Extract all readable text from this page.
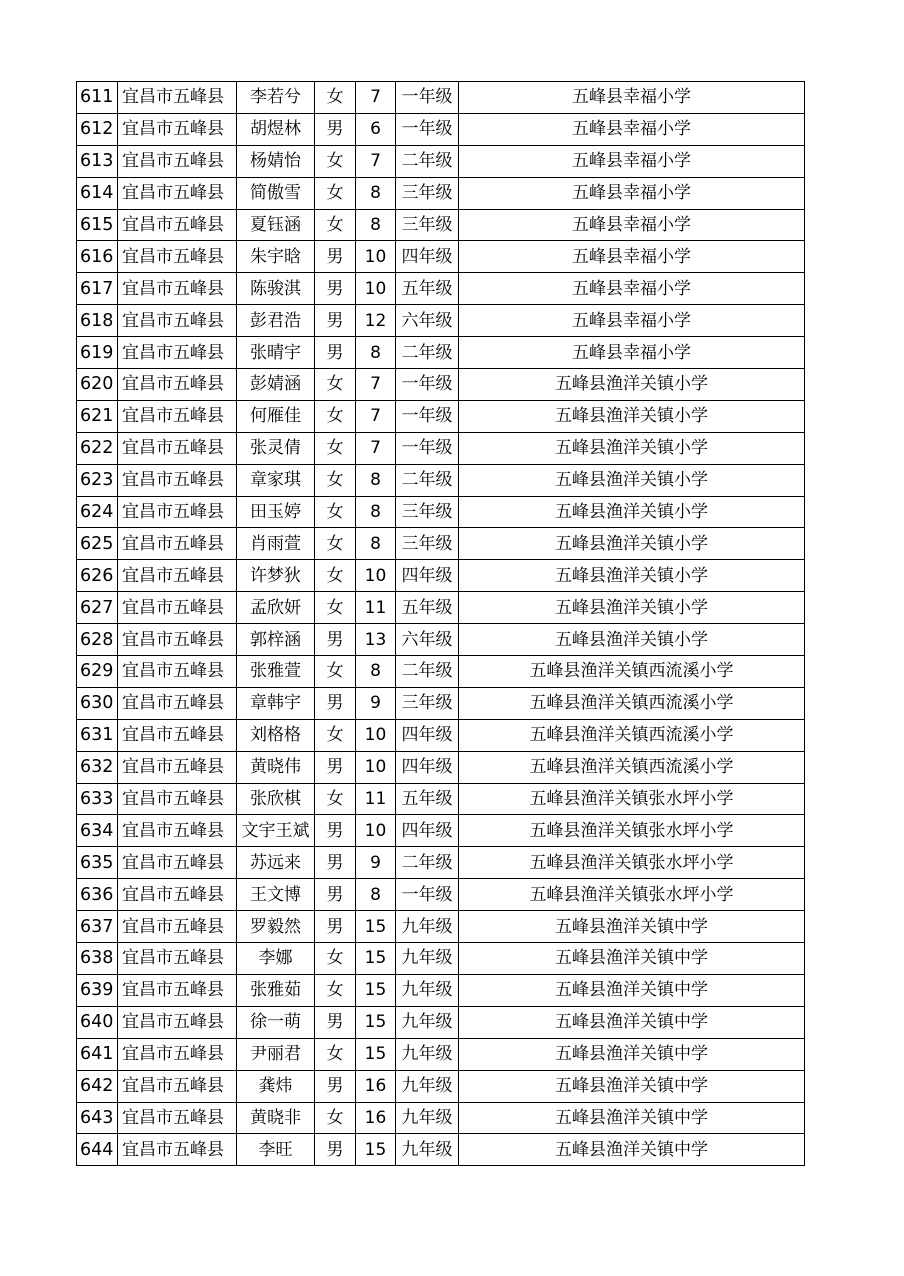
611	宜昌市五峰县	李若兮	女	7	一年级	五峰县幸福小学
612	宜昌市五峰县	胡煜林	男	6	一年级	五峰县幸福小学
613	宜昌市五峰县	杨婧怡	女	7	二年级	五峰县幸福小学
614	宜昌市五峰县	简傲雪	女	8	三年级	五峰县幸福小学
615	宜昌市五峰县	夏钰涵	女	8	三年级	五峰县幸福小学
616	宜昌市五峰县	朱宇晗	男	10	四年级	五峰县幸福小学
617	宜昌市五峰县	陈骏淇	男	10	五年级	五峰县幸福小学
618	宜昌市五峰县	彭君浩	男	12	六年级	五峰县幸福小学
619	宜昌市五峰县	张晴宇	男	8	二年级	五峰县幸福小学
620	宜昌市五峰县	彭婧涵	女	7	一年级	五峰县渔洋关镇小学
621	宜昌市五峰县	何雁佳	女	7	一年级	五峰县渔洋关镇小学
622	宜昌市五峰县	张灵倩	女	7	一年级	五峰县渔洋关镇小学
623	宜昌市五峰县	章家琪	女	8	二年级	五峰县渔洋关镇小学
624	宜昌市五峰县	田玉婷	女	8	三年级	五峰县渔洋关镇小学
625	宜昌市五峰县	肖雨萱	女	8	三年级	五峰县渔洋关镇小学
626	宜昌市五峰县	许梦狄	女	10	四年级	五峰县渔洋关镇小学
627	宜昌市五峰县	孟欣妍	女	11	五年级	五峰县渔洋关镇小学
628	宜昌市五峰县	郭梓涵	男	13	六年级	五峰县渔洋关镇小学
629	宜昌市五峰县	张雅萱	女	8	二年级	五峰县渔洋关镇西流溪小学
630	宜昌市五峰县	章韩宇	男	9	三年级	五峰县渔洋关镇西流溪小学
631	宜昌市五峰县	刘格格	女	10	四年级	五峰县渔洋关镇西流溪小学
632	宜昌市五峰县	黄晓伟	男	10	四年级	五峰县渔洋关镇西流溪小学
633	宜昌市五峰县	张欣棋	女	11	五年级	五峰县渔洋关镇张水坪小学
634	宜昌市五峰县	文宇王斌	男	10	四年级	五峰县渔洋关镇张水坪小学
635	宜昌市五峰县	苏远来	男	9	二年级	五峰县渔洋关镇张水坪小学
636	宜昌市五峰县	王文博	男	8	一年级	五峰县渔洋关镇张水坪小学
637	宜昌市五峰县	罗毅然	男	15	九年级	五峰县渔洋关镇中学
638	宜昌市五峰县	李娜	女	15	九年级	五峰县渔洋关镇中学
639	宜昌市五峰县	张雅茹	女	15	九年级	五峰县渔洋关镇中学
640	宜昌市五峰县	徐一萌	男	15	九年级	五峰县渔洋关镇中学
641	宜昌市五峰县	尹丽君	女	15	九年级	五峰县渔洋关镇中学
642	宜昌市五峰县	龚炜	男	16	九年级	五峰县渔洋关镇中学
643	宜昌市五峰县	黄晓非	女	16	九年级	五峰县渔洋关镇中学
644	宜昌市五峰县	李旺	男	15	九年级	五峰县渔洋关镇中学
